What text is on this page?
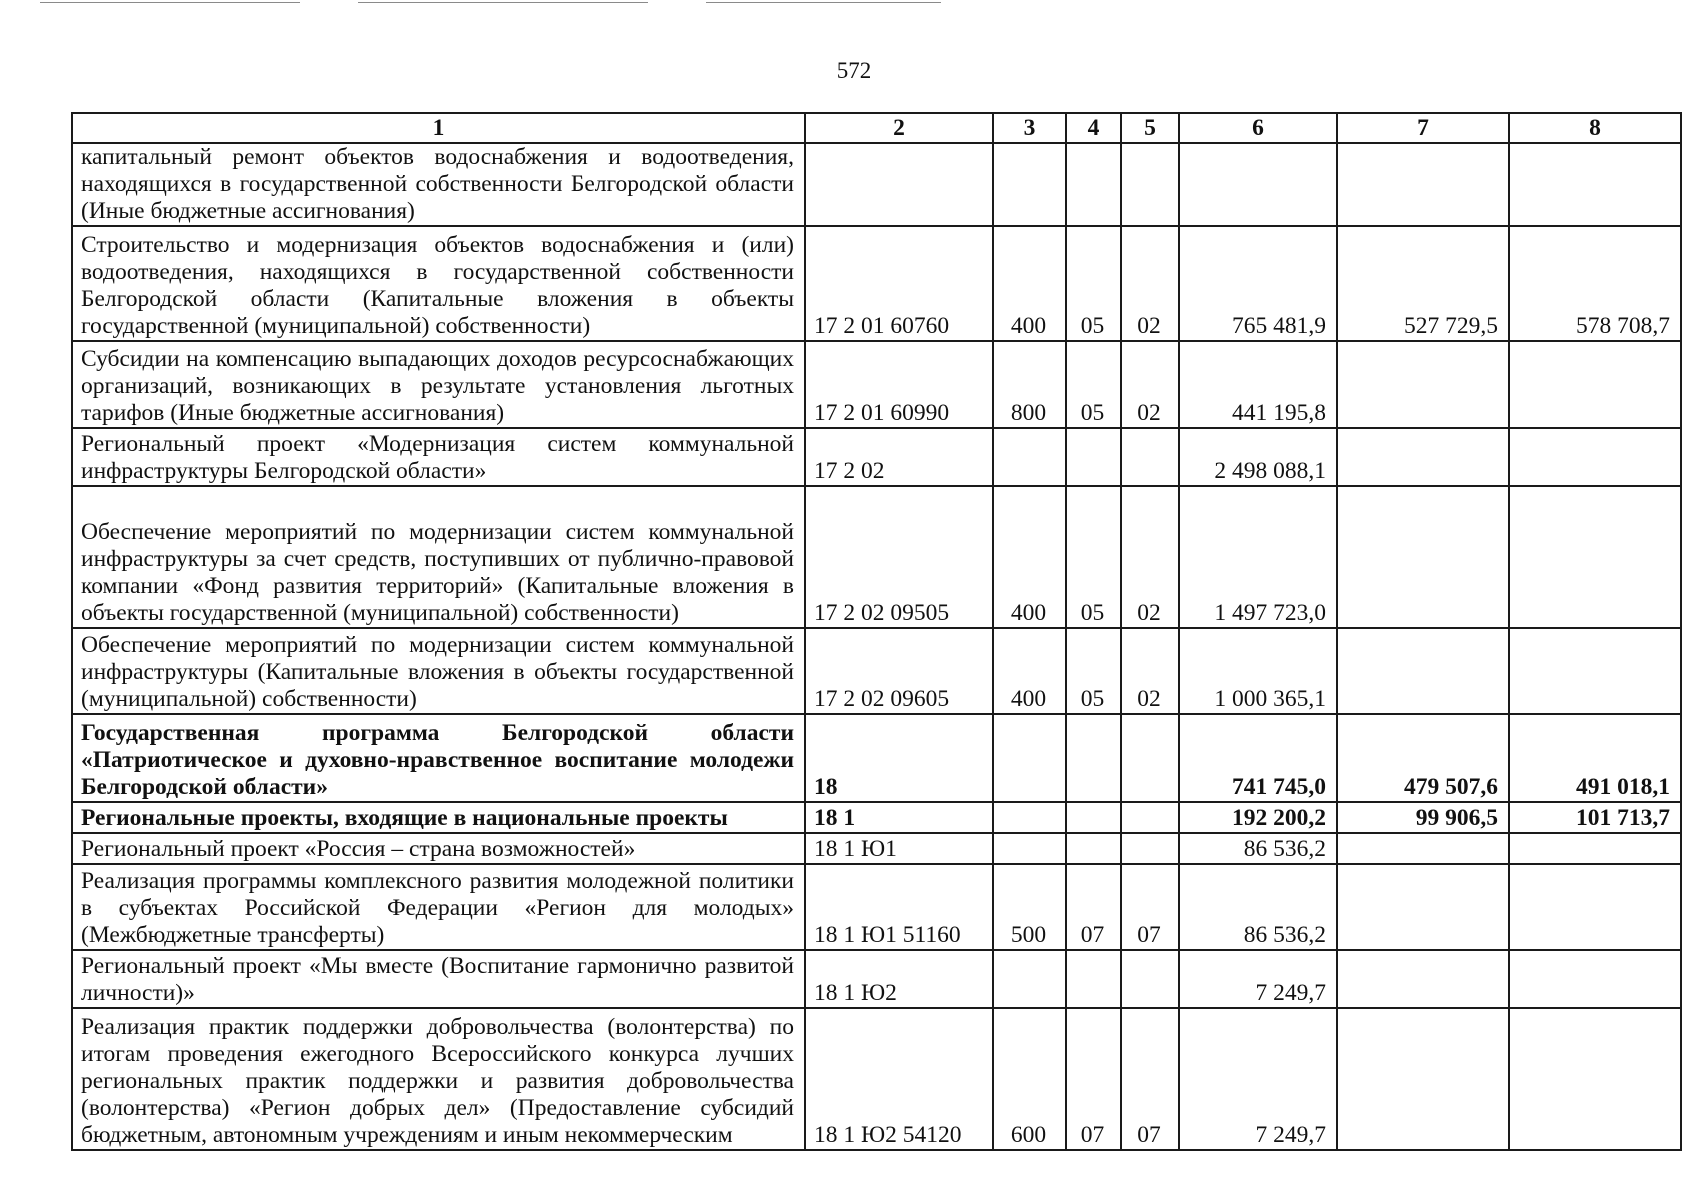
572
1	2	3	4	5	6	7	8
капитальный ремонт объектов водоснабжения и водоотведения, находящихся в государственной собственности Белгородской области (Иные бюджетные ассигнования)							
Строительство и модернизация объектов водоснабжения и (или) водоотведения, находящихся в государственной собственности Белгородской области (Капитальные вложения в объекты государственной (муниципальной) собственности)	17 2 01 60760	400	05	02	765 481,9	527 729,5	578 708,7
Субсидии на компенсацию выпадающих доходов ресурсоснабжающих организаций, возникающих в результате установления льготных тарифов (Иные бюджетные ассигнования)	17 2 01 60990	800	05	02	441 195,8		
Региональный проект «Модернизация систем коммунальной инфраструктуры Белгородской области»	17 2 02				2 498 088,1		
Обеспечение мероприятий по модернизации систем коммунальной инфраструктуры за счет средств, поступивших от публично-правовой компании «Фонд развития территорий» (Капитальные вложения в объекты государственной (муниципальной) собственности)	17 2 02 09505	400	05	02	1 497 723,0		
Обеспечение мероприятий по модернизации систем коммунальной инфраструктуры (Капитальные вложения в объекты государственной (муниципальной) собственности)	17 2 02 09605	400	05	02	1 000 365,1		
Государственная программа Белгородской области «Патриотическое и духовно-нравственное воспитание молодежи Белгородской области»	18				741 745,0	479 507,6	491 018,1
Региональные проекты, входящие в национальные проекты	18 1				192 200,2	99 906,5	101 713,7
Региональный проект «Россия – страна возможностей»	18 1 Ю1				86 536,2		
Реализация программы комплексного развития молодежной политики в субъектах Российской Федерации «Регион для молодых» (Межбюджетные трансферты)	18 1 Ю1 51160	500	07	07	86 536,2		
Региональный проект «Мы вместе (Воспитание гармонично развитой личности)»	18 1 Ю2				7 249,7		
Реализация практик поддержки добровольчества (волонтерства) по итогам проведения ежегодного Всероссийского конкурса лучших региональных практик поддержки и развития добровольчества (волонтерства) «Регион добрых дел» (Предоставление субсидий бюджетным, автономным учреждениям и иным некоммерческим	18 1 Ю2 54120	600	07	07	7 249,7		
